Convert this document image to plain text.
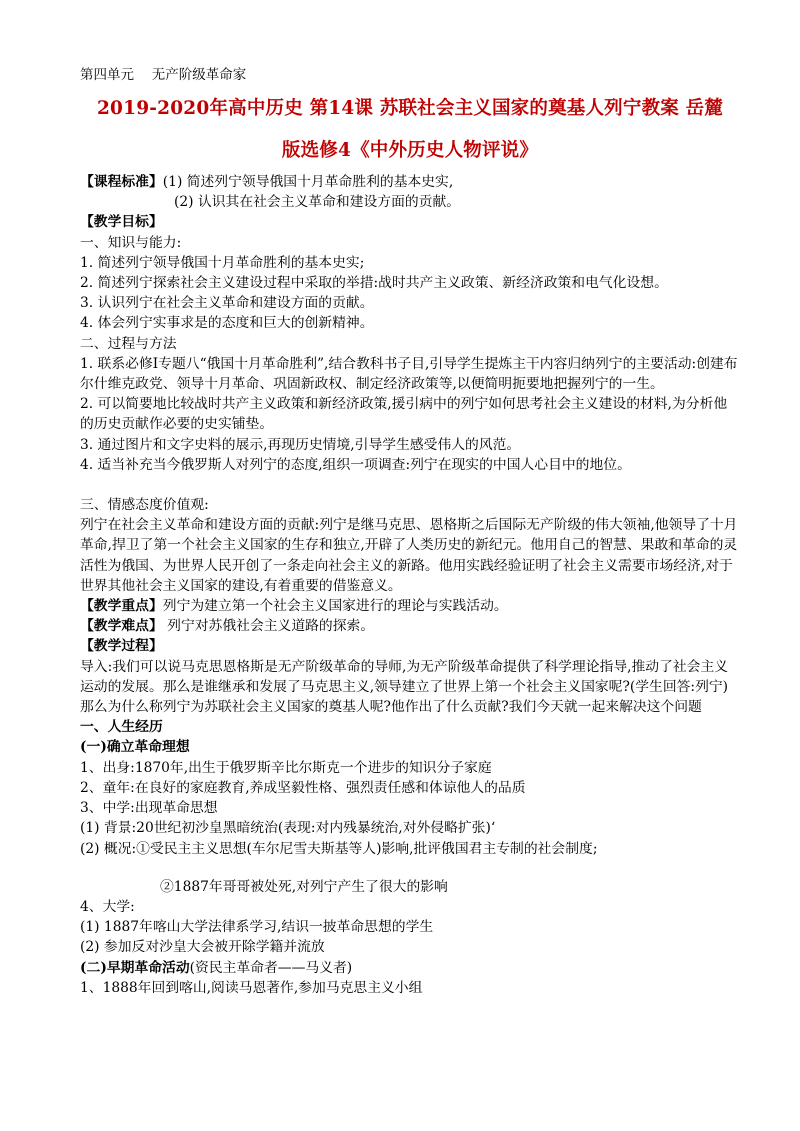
第四单元　 无产阶级革命家
2019-2020年高中历史 第14课 苏联社会主义国家的奠基人列宁教案 岳麓
版选修4《中外历史人物评说》
【课程标准】(1) 简述列宁领导俄国十月革命胜利的基本史实,
(2) 认识其在社会主义革命和建设方面的贡献。
【教学目标】
一、知识与能力:
1. 简述列宁领导俄国十月革命胜利的基本史实;
2. 简述列宁探索社会主义建设过程中采取的举措:战时共产主义政策、新经济政策和电气化设想。
3. 认识列宁在社会主义革命和建设方面的贡献。
4. 体会列宁实事求是的态度和巨大的创新精神。
二、过程与方法
1. 联系必修Ⅰ专题八“俄国十月革命胜利”,结合教科书子目,引导学生提炼主干内容归纳列宁的主要活动:创建布尔什维克政党、领导十月革命、巩固新政权、制定经济政策等,以便简明扼要地把握列宁的一生。
2. 可以简要地比较战时共产主义政策和新经济政策,援引病中的列宁如何思考社会主义建设的材料,为分析他的历史贡献作必要的史实铺垫。
3. 通过图片和文字史料的展示,再现历史情境,引导学生感受伟人的风范。
4. 适当补充当今俄罗斯人对列宁的态度,组织一项调查:列宁在现实的中国人心目中的地位。
三、情感态度价值观:
列宁在社会主义革命和建设方面的贡献:列宁是继马克思、恩格斯之后国际无产阶级的伟大领袖,他领导了十月革命,捍卫了第一个社会主义国家的生存和独立,开辟了人类历史的新纪元。他用自己的智慧、果敢和革命的灵活性为俄国、为世界人民开创了一条走向社会主义的新路。他用实践经验证明了社会主义需要市场经济,对于世界其他社会主义国家的建设,有着重要的借鉴意义。
【教学重点】列宁为建立第一个社会主义国家进行的理论与实践活动。
【教学难点】 列宁对苏俄社会主义道路的探索。
【教学过程】
导入:我们可以说马克思恩格斯是无产阶级革命的导师,为无产阶级革命提供了科学理论指导,推动了社会主义运动的发展。那么是谁继承和发展了马克思主义,领导建立了世界上第一个社会主义国家呢?(学生回答:列宁)那么为什么称列宁为苏联社会主义国家的奠基人呢?他作出了什么贡献?我们今天就一起来解决这个问题
一、人生经历
(一)确立革命理想
1、出身:1870年,出生于俄罗斯辛比尔斯克一个进步的知识分子家庭
2、童年:在良好的家庭教育,养成坚毅性格、强烈责任感和体谅他人的品质
3、中学:出现革命思想
(1) 背景:20世纪初沙皇黑暗统治(表现:对内残暴统治,对外侵略扩张)‘
(2) 概况:①受民主主义思想(车尔尼雪夫斯基等人)影响,批评俄国君主专制的社会制度;
②1887年哥哥被处死,对列宁产生了很大的影响
4、大学:
(1) 1887年喀山大学法律系学习,结识一披革命思想的学生
(2) 参加反对沙皇大会被开除学籍并流放
(二)早期革命活动(资民主革命者——马义者)
1、1888年回到喀山,阅读马恩著作,参加马克思主义小组
